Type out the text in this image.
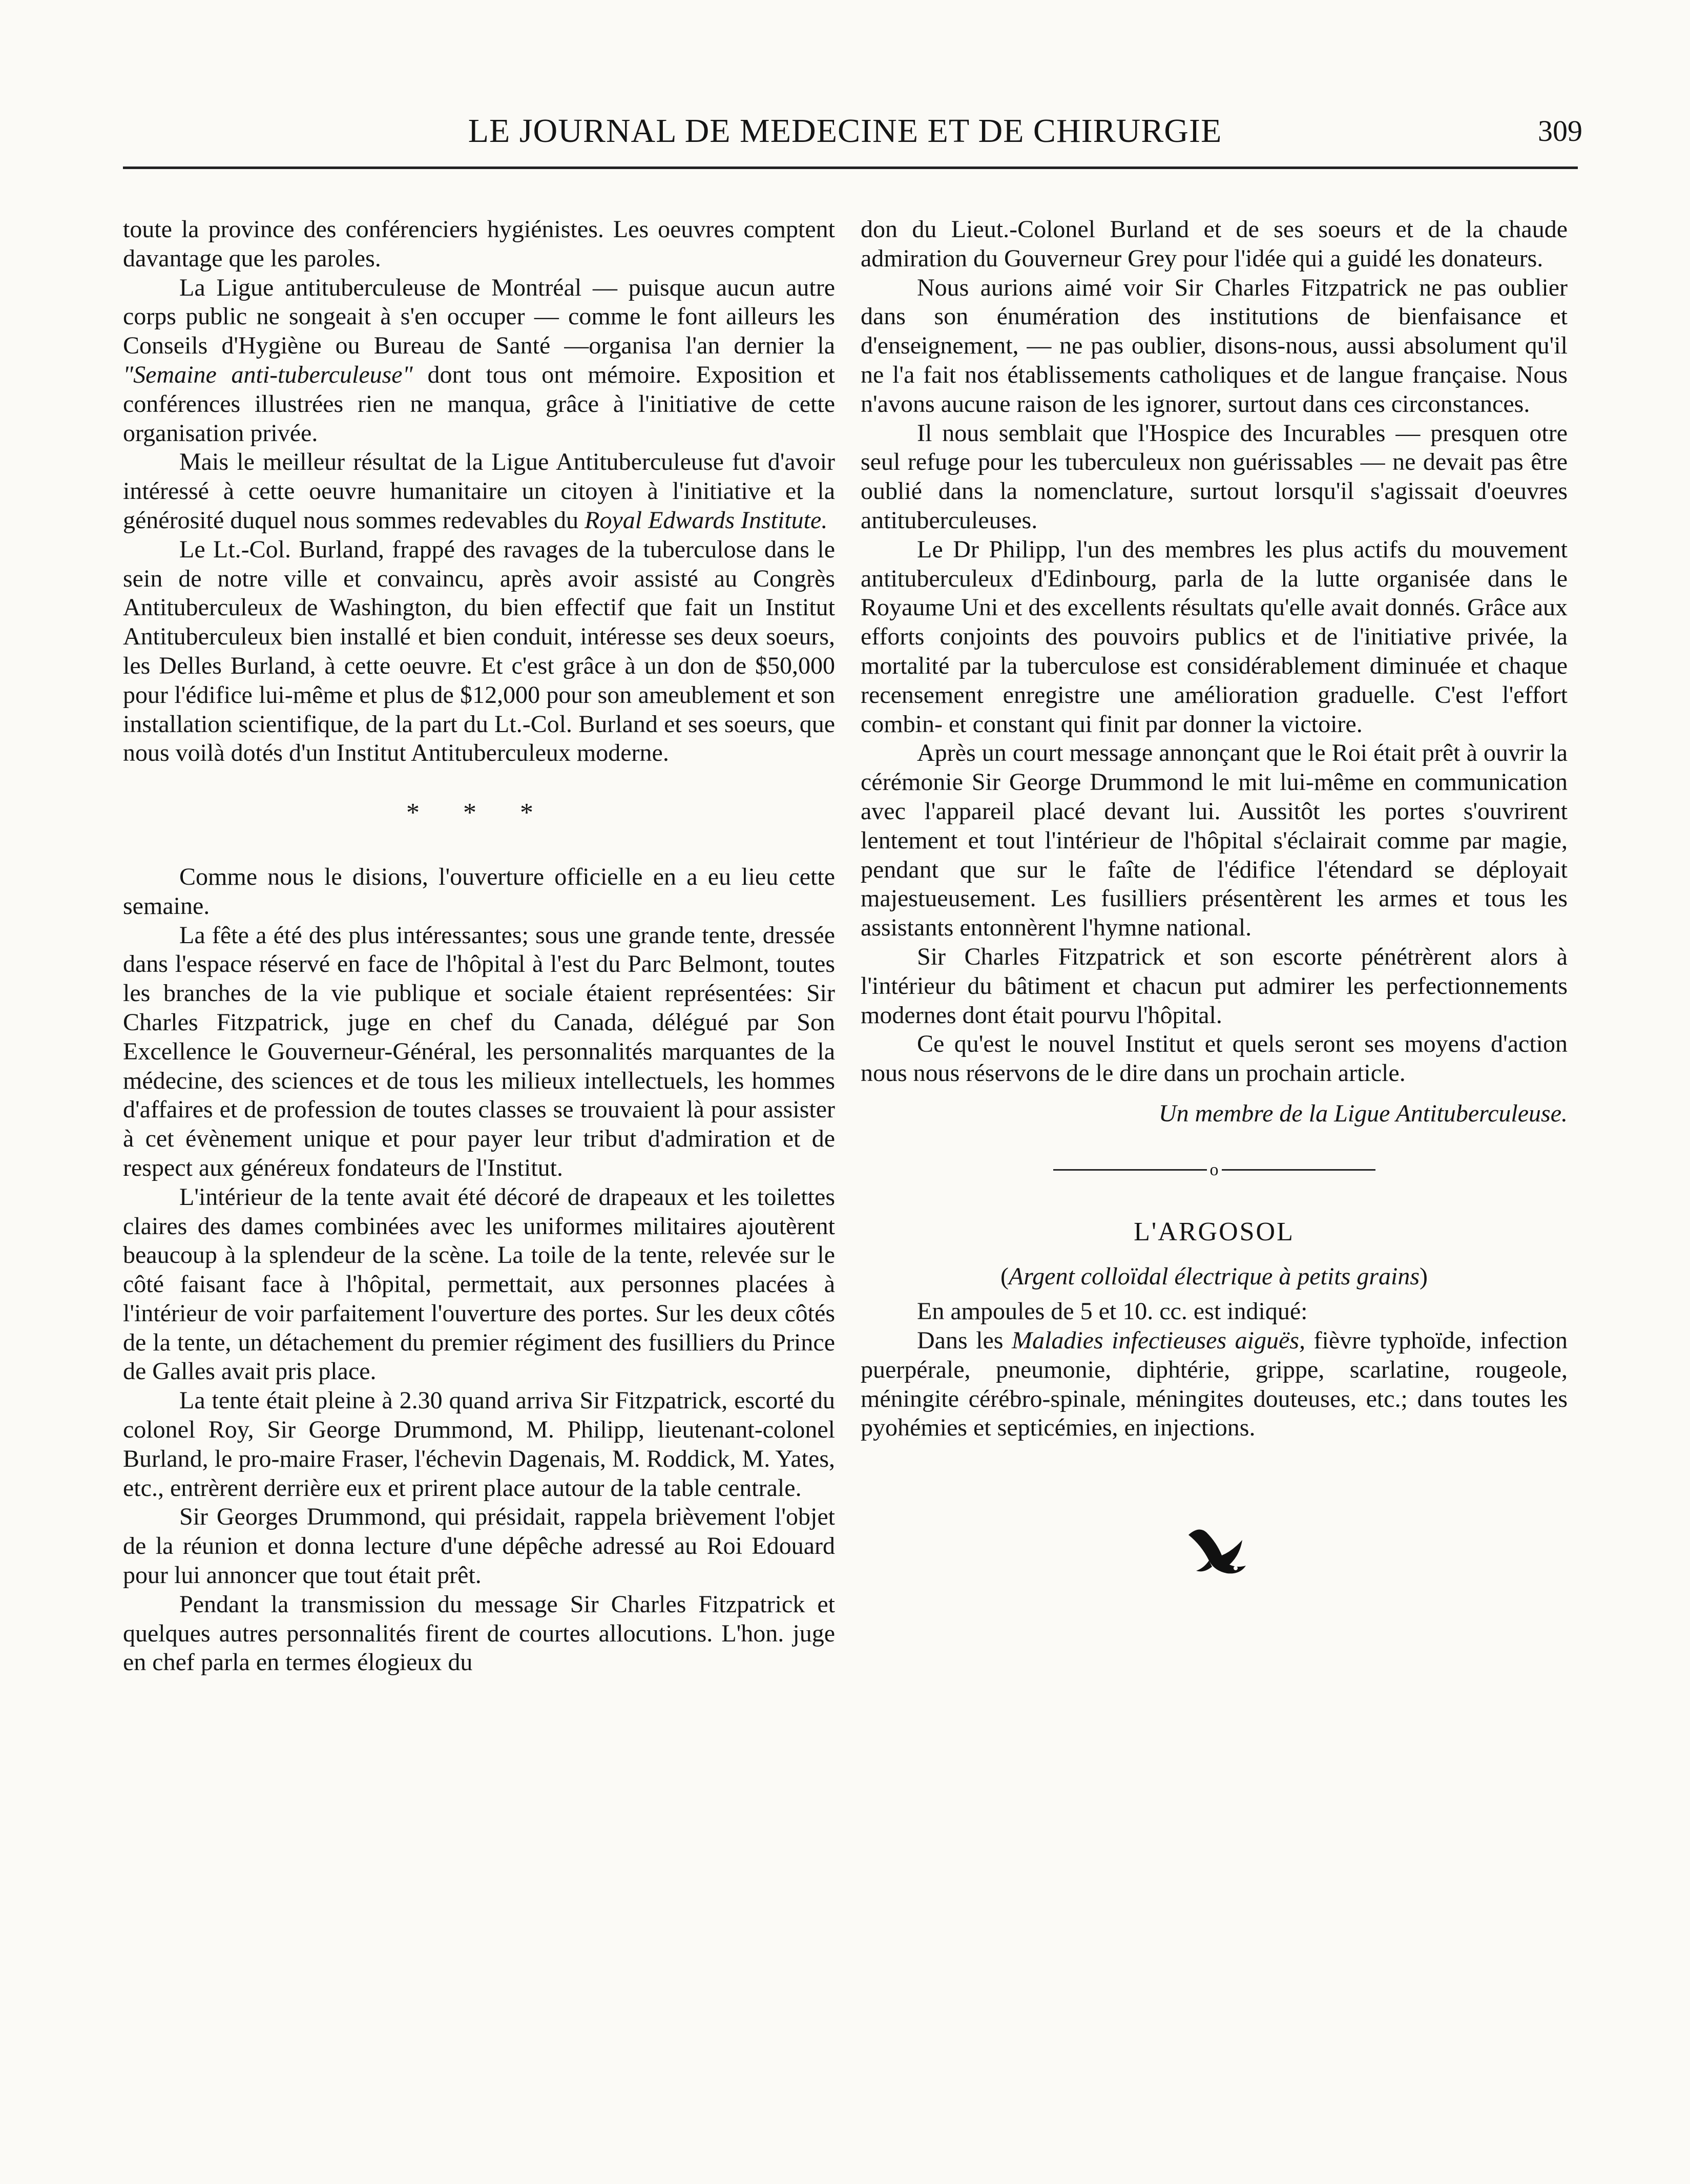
LE JOURNAL DE MEDECINE ET DE CHIRURGIE	309

toute la province des conférenciers hygiénistes. Les oeuvres comptent davantage que les paroles.

La Ligue antituberculeuse de Montréal — puisque aucun autre corps public ne songeait à s'en occuper — comme le font ailleurs les Conseils d'Hygiène ou Bureau de Santé —organisa l'an dernier la "Semaine anti-tuberculeuse" dont tous ont mémoire. Exposition et conférences illustrées rien ne manqua, grâce à l'initiative de cette organisation privée.

Mais le meilleur résultat de la Ligue Antituberculeuse fut d'avoir intéressé à cette oeuvre humanitaire un citoyen à l'initiative et la générosité duquel nous sommes redevables du Royal Edwards Institute.

Le Lt.-Col. Burland, frappé des ravages de la tuberculose dans le sein de notre ville et convaincu, après avoir assisté au Congrès Antituberculeux de Washington, du bien effectif que fait un Institut Antituberculeux bien installé et bien conduit, intéresse ses deux soeurs, les Delles Burland, à cette oeuvre. Et c'est grâce à un don de $50,000 pour l'édifice lui-même et plus de $12,000 pour son ameublement et son installation scientifique, de la part du Lt.-Col. Burland et ses soeurs, que nous voilà dotés d'un Institut Antituberculeux moderne.

* * *

Comme nous le disions, l'ouverture officielle en a eu lieu cette semaine.

La fête a été des plus intéressantes; sous une grande tente, dressée dans l'espace réservé en face de l'hôpital à l'est du Parc Belmont, toutes les branches de la vie publique et sociale étaient représentées: Sir Charles Fitzpatrick, juge en chef du Canada, délégué par Son Excellence le Gouverneur-Général, les personnalités marquantes de la médecine, des sciences et de tous les milieux intellectuels, les hommes d'affaires et de profession de toutes classes se trouvaient là pour assister à cet évènement unique et pour payer leur tribut d'admiration et de respect aux généreux fondateurs de l'Institut.

L'intérieur de la tente avait été décoré de drapeaux et les toilettes claires des dames combinées avec les uniformes militaires ajoutèrent beaucoup à la splendeur de la scène. La toile de la tente, relevée sur le côté faisant face à l'hôpital, permettait, aux personnes placées à l'intérieur de voir parfaitement l'ouverture des portes. Sur les deux côtés de la tente, un détachement du premier régiment des fusilliers du Prince de Galles avait pris place.

La tente était pleine à 2.30 quand arriva Sir Fitzpatrick, escorté du colonel Roy, Sir George Drummond, M. Philipp, lieutenant-colonel Burland, le pro-maire Fraser, l'échevin Dagenais, M. Roddick, M. Yates, etc., entrèrent derrière eux et prirent place autour de la table centrale.

Sir Georges Drummond, qui présidait, rappela brièvement l'objet de la réunion et donna lecture d'une dépêche adressé au Roi Edouard pour lui annoncer que tout était prêt.

Pendant la transmission du message Sir Charles Fitzpatrick et quelques autres personnalités firent de courtes allocutions. L'hon. juge en chef parla en termes élogieux du

don du Lieut.-Colonel Burland et de ses soeurs et de la chaude admiration du Gouverneur Grey pour l'idée qui a guidé les donateurs.

Nous aurions aimé voir Sir Charles Fitzpatrick ne pas oublier dans son énumération des institutions de bienfaisance et d'enseignement, — ne pas oublier, disons-nous, aussi absolument qu'il ne l'a fait nos établissements catholiques et de langue française. Nous n'avons aucune raison de les ignorer, surtout dans ces circonstances.

Il nous semblait que l'Hospice des Incurables — presquen otre seul refuge pour les tuberculeux non guérissables — ne devait pas être oublié dans la nomenclature, surtout lorsqu'il s'agissait d'oeuvres antituberculeuses.

Le Dr Philipp, l'un des membres les plus actifs du mouvement antituberculeux d'Edinbourg, parla de la lutte organisée dans le Royaume Uni et des excellents résultats qu'elle avait donnés. Grâce aux efforts conjoints des pouvoirs publics et de l'initiative privée, la mortalité par la tuberculose est considérablement diminuée et chaque recensement enregistre une amélioration graduelle. C'est l'effort combin- et constant qui finit par donner la victoire.

Après un court message annonçant que le Roi était prêt à ouvrir la cérémonie Sir George Drummond le mit lui-même en communication avec l'appareil placé devant lui. Aussitôt les portes s'ouvrirent lentement et tout l'intérieur de l'hôpital s'éclairait comme par magie, pendant que sur le faîte de l'édifice l'étendard se déployait majestueusement. Les fusilliers présentèrent les armes et tous les assistants entonnèrent l'hymne national.

Sir Charles Fitzpatrick et son escorte pénétrèrent alors à l'intérieur du bâtiment et chacun put admirer les perfectionnements modernes dont était pourvu l'hôpital.

Ce qu'est le nouvel Institut et quels seront ses moyens d'action nous nous réservons de le dire dans un prochain article.

Un membre de la Ligue Antituberculeuse.
o
L'ARGOSOL
(Argent colloïdal électrique à petits grains)

En ampoules de 5 et 10. cc. est indiqué:

Dans les Maladies infectieuses aiguës, fièvre typhoïde, infection puerpérale, pneumonie, diphtérie, grippe, scarlatine, rougeole, méningite cérébro-spinale, méningites douteuses, etc.; dans toutes les pyohémies et septicémies, en injections.
